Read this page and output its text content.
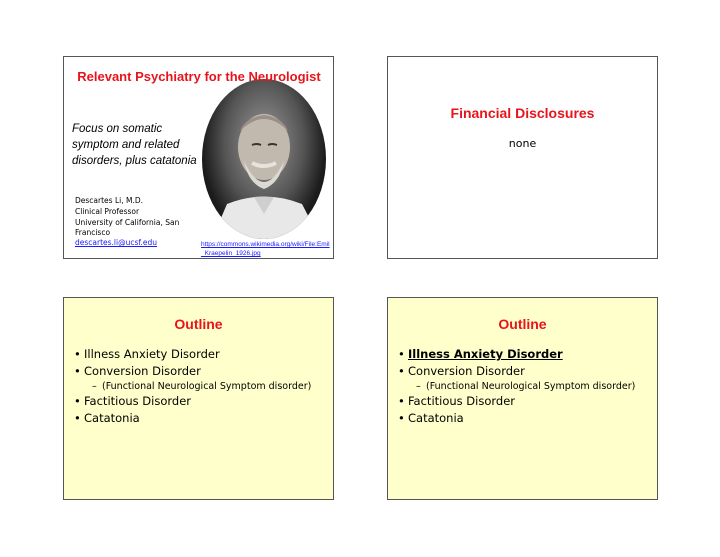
Relevant Psychiatry for the Neurologist
Focus on somatic symptom and related disorders, plus catatonia
Descartes Li, M.D.
Clinical Professor
University of California, San Francisco
descartes.li@ucsf.edu	https://commons.wikimedia.org/wiki/File:Emil_Kraepelin_1926.jpg
Financial Disclosures
none
Outline
• Illness Anxiety Disorder
• Conversion Disorder
– (Functional Neurological Symptom disorder)
• Factitious Disorder
• Catatonia
Outline
• Illness Anxiety Disorder
• Conversion Disorder
– (Functional Neurological Symptom disorder)
• Factitious Disorder
• Catatonia
